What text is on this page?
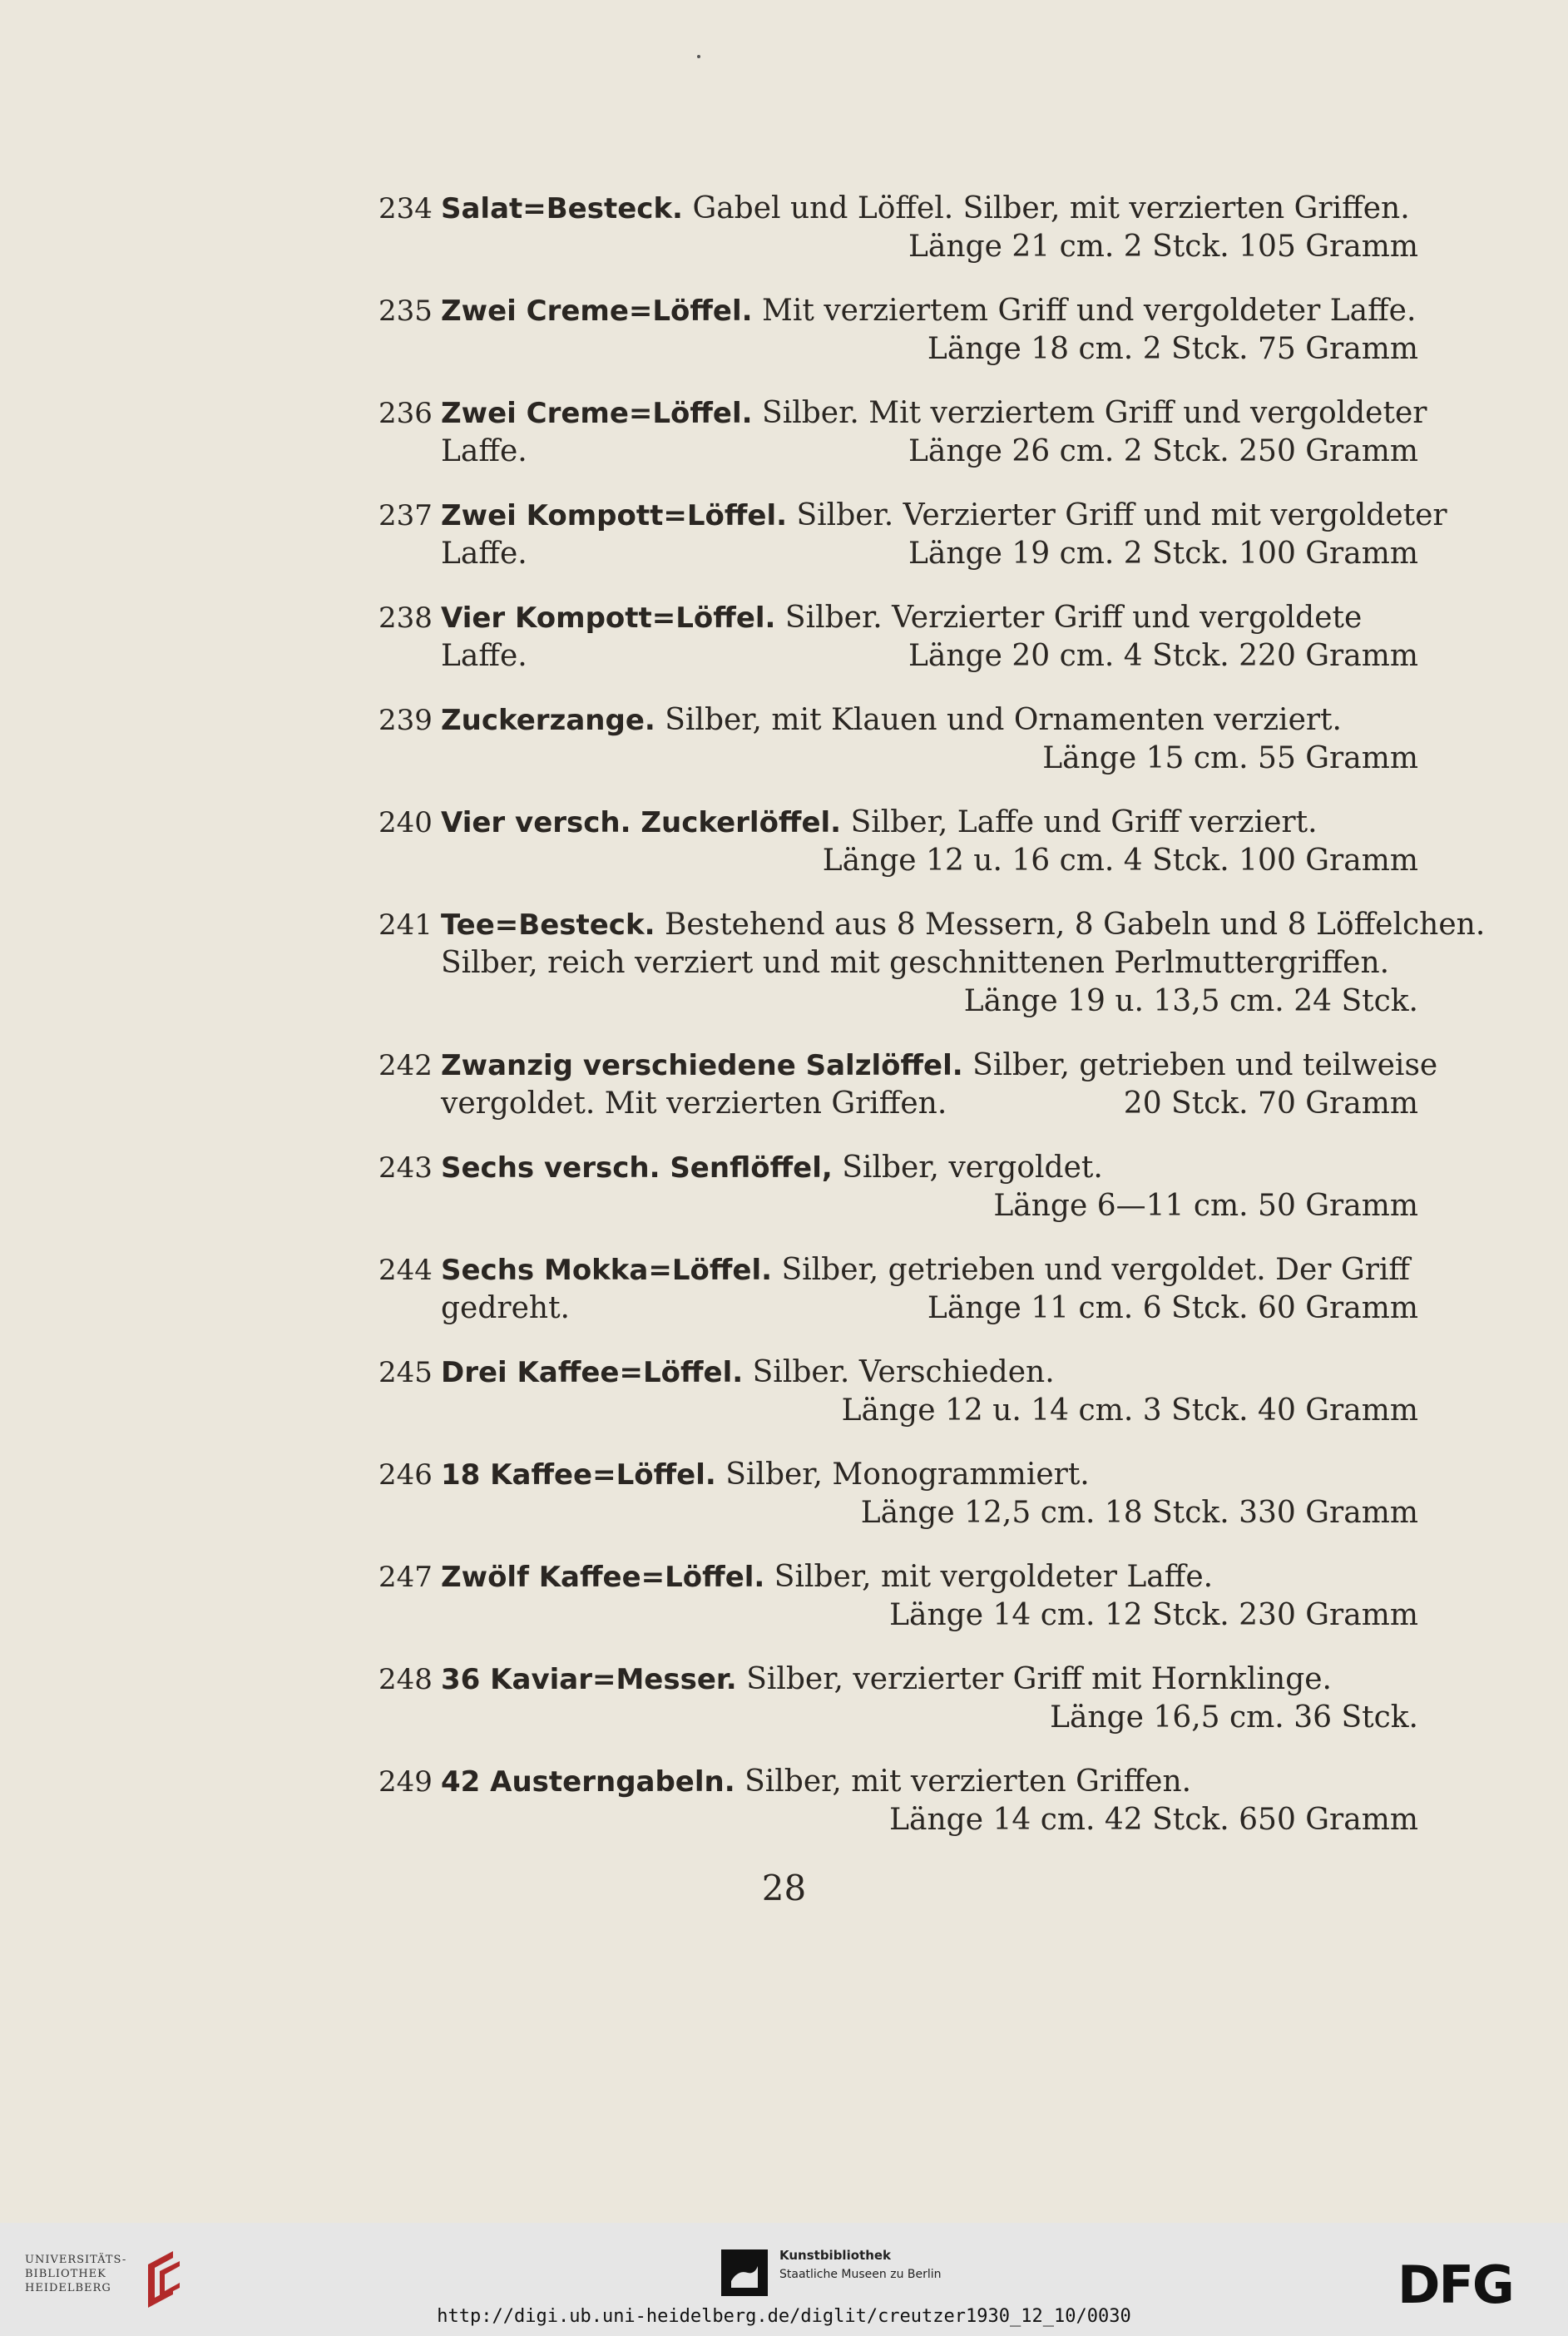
234 Salat=Besteck. Gabel und Löffel. Silber, mit verzierten Griffen.
Länge 21 cm. 2 Stck. 105 Gramm
235 Zwei Creme=Löffel. Mit verziertem Griff und vergoldeter Laffe.
Länge 18 cm. 2 Stck. 75 Gramm
236 Zwei Creme=Löffel. Silber. Mit verziertem Griff und vergoldeter
Laffe.	Länge 26 cm. 2 Stck. 250 Gramm
237 Zwei Kompott=Löffel. Silber. Verzierter Griff und mit vergoldeter
Laffe.	Länge 19 cm. 2 Stck. 100 Gramm
238 Vier Kompott=Löffel. Silber. Verzierter Griff und vergoldete
Laffe.	Länge 20 cm. 4 Stck. 220 Gramm
239 Zuckerzange. Silber, mit Klauen und Ornamenten verziert.
Länge 15 cm. 55 Gramm
240 Vier versch. Zuckerlöffel. Silber, Laffe und Griff verziert.
Länge 12 u. 16 cm. 4 Stck. 100 Gramm
241 Tee=Besteck. Bestehend aus 8 Messern, 8 Gabeln und 8 Löffelchen.
Silber, reich verziert und mit geschnittenen Perlmuttergriffen.
Länge 19 u. 13,5 cm. 24 Stck.
242 Zwanzig verschiedene Salzlöffel. Silber, getrieben und teilweise
vergoldet. Mit verzierten Griffen.	20 Stck. 70 Gramm
243 Sechs versch. Senflöffel, Silber, vergoldet.
Länge 6—11 cm. 50 Gramm
244 Sechs Mokka=Löffel. Silber, getrieben und vergoldet. Der Griff
gedreht.	Länge 11 cm. 6 Stck. 60 Gramm
245 Drei Kaffee=Löffel. Silber. Verschieden.
Länge 12 u. 14 cm. 3 Stck. 40 Gramm
246 18 Kaffee=Löffel. Silber, Monogrammiert.
Länge 12,5 cm. 18 Stck. 330 Gramm
247 Zwölf Kaffee=Löffel. Silber, mit vergoldeter Laffe.
Länge 14 cm. 12 Stck. 230 Gramm
248 36 Kaviar=Messer. Silber, verzierter Griff mit Hornklinge.
Länge 16,5 cm. 36 Stck.
249 42 Austerngabeln. Silber, mit verzierten Griffen.
Länge 14 cm. 42 Stck. 650 Gramm
28
UNIVERSITÄTS-
BIBLIOTHEK
HEIDELBERG
Kunstbibliothek
Staatliche Museen zu Berlin	DFG
http://digi.ub.uni-heidelberg.de/diglit/creutzer1930_12_10/0030
